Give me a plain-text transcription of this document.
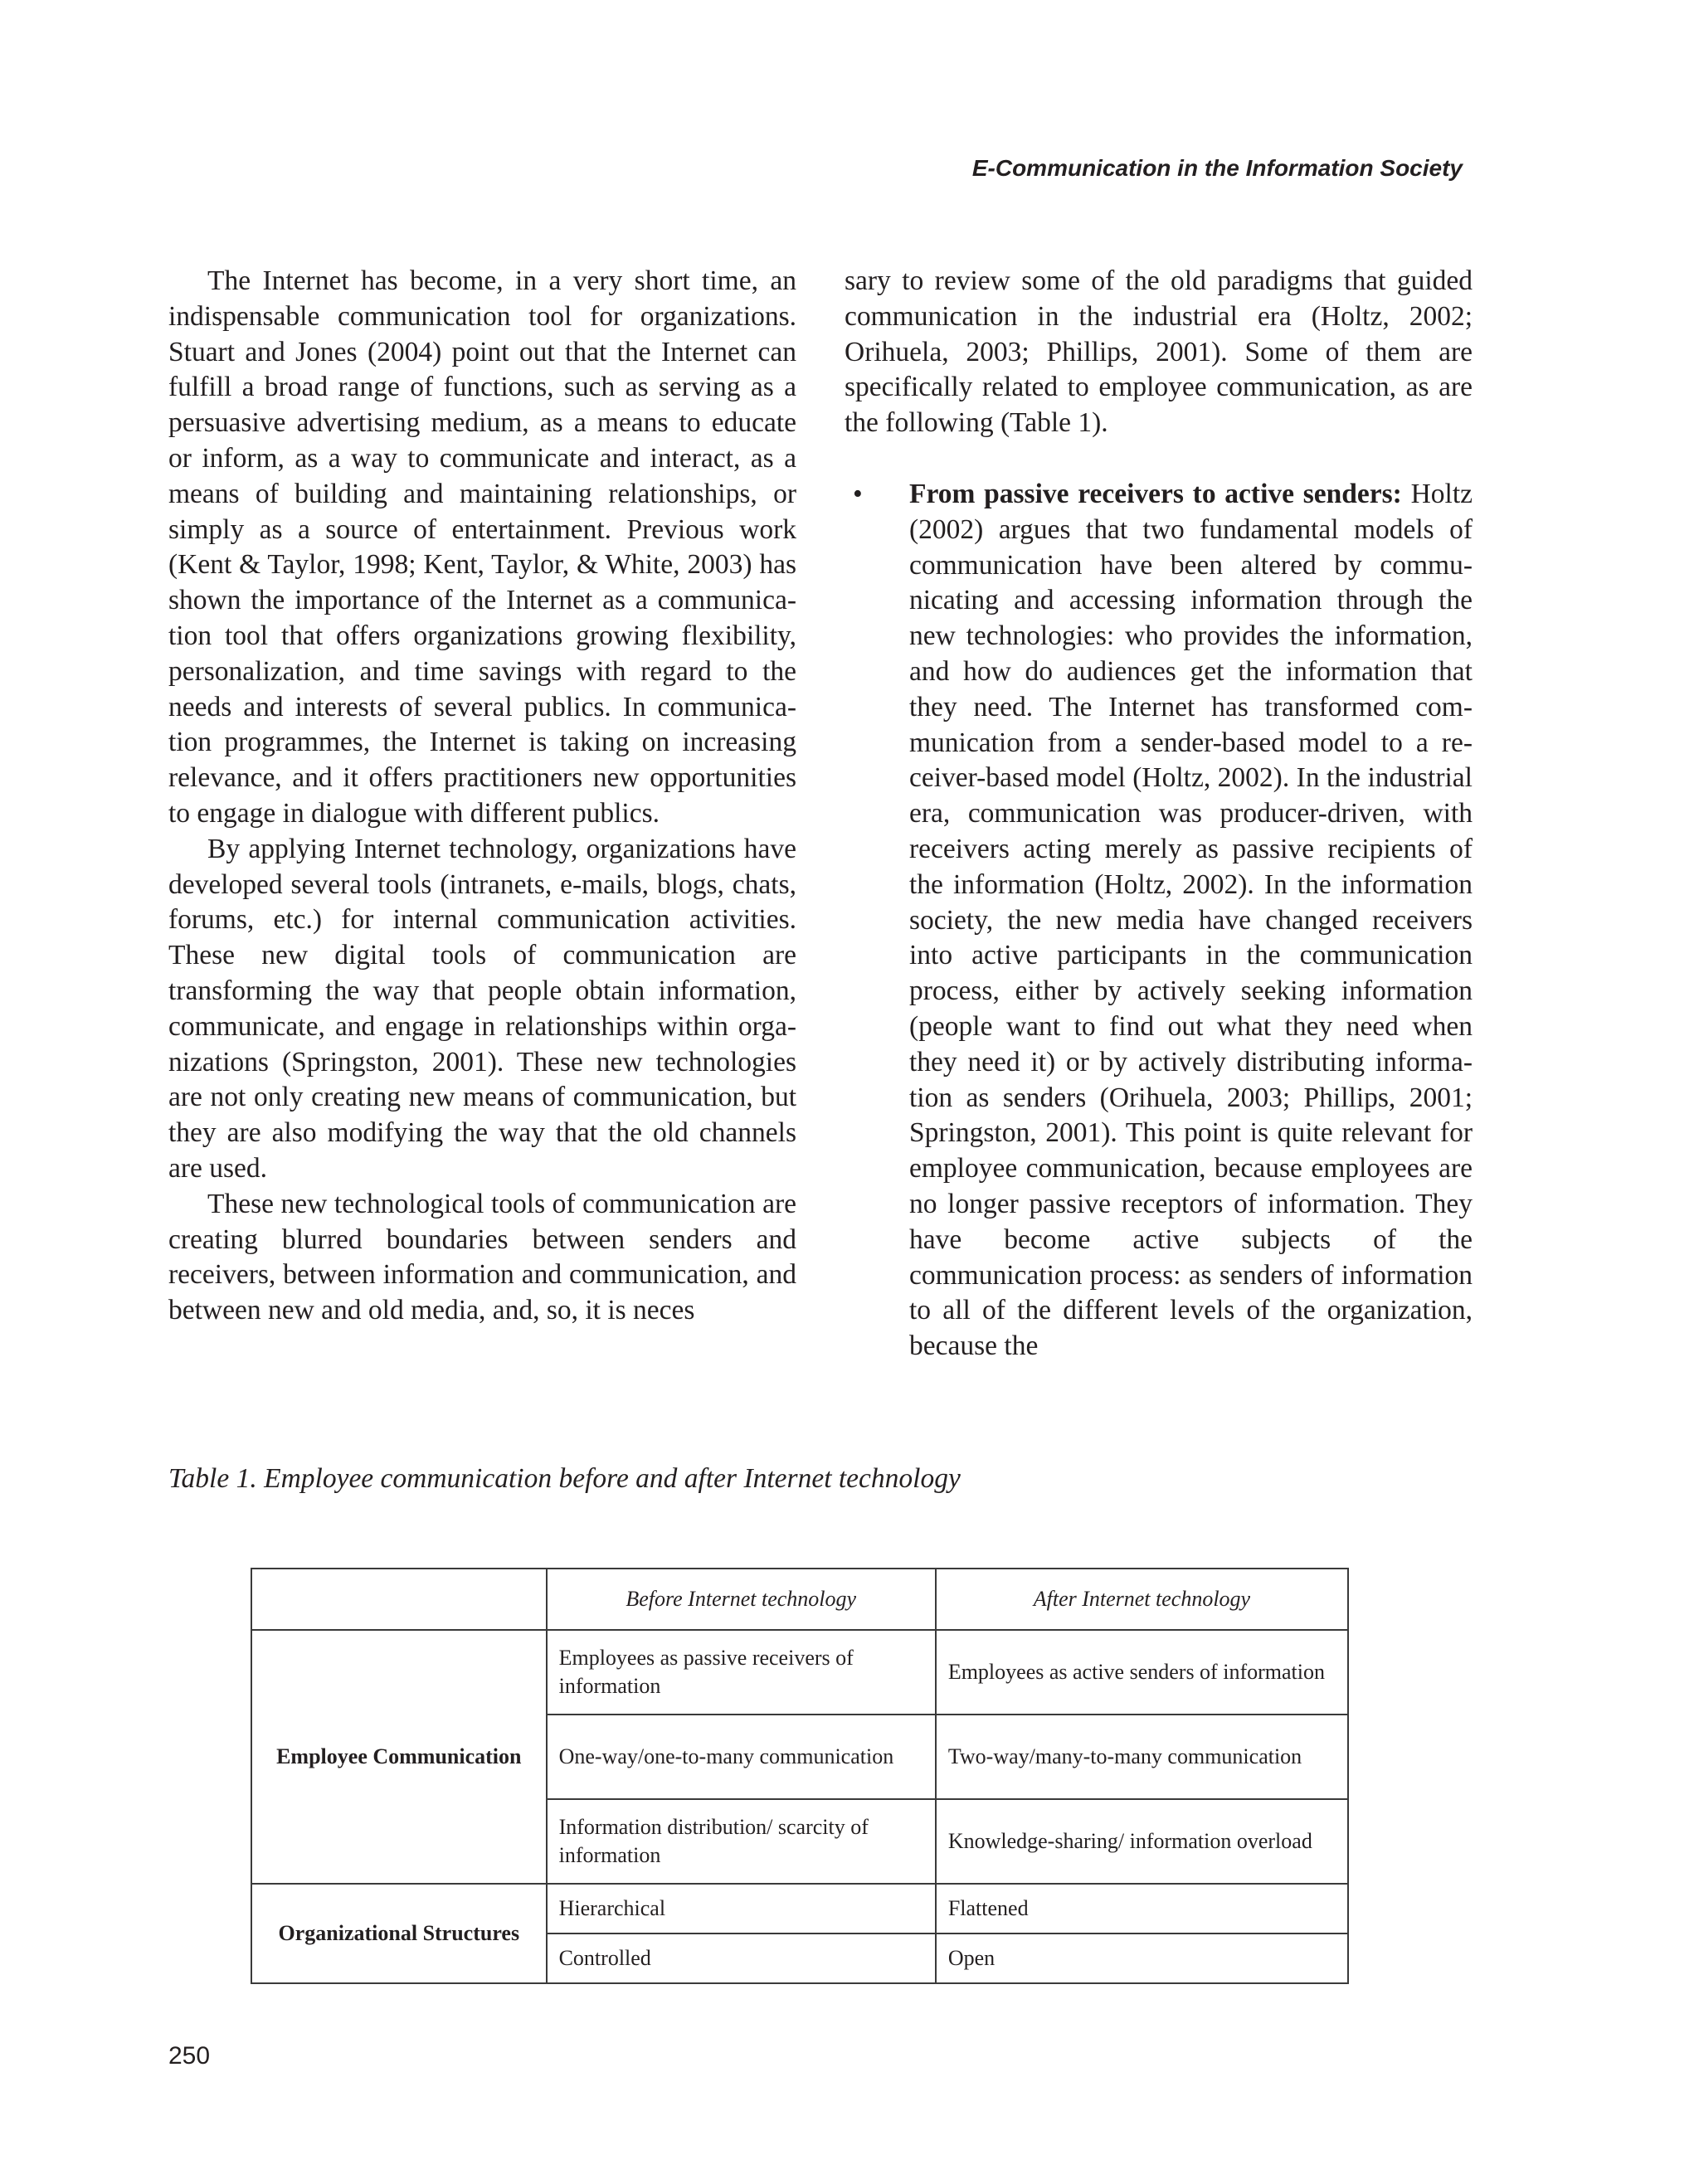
E-Communication in the Information Society

The Internet has become, in a very short time, an indispensable communication tool for organizations. Stuart and Jones (2004) point out that the Internet can fulfill a broad range of functions, such as serving as a persuasive advertising medium, as a means to educate or inform, as a way to communicate and interact, as a means of building and maintaining relationships, or simply as a source of entertainment. Previous work (Kent & Taylor, 1998; Kent, Taylor, & White, 2003) has shown the importance of the Internet as a communication tool that offers organizations growing flexibility, personalization, and time savings with regard to the needs and interests of several publics. In communication programmes, the Internet is taking on increasing relevance, and it offers practitioners new opportunities to engage in dialogue with different publics.

By applying Internet technology, organizations have developed several tools (intranets, e-mails, blogs, chats, forums, etc.) for internal communication activities. These new digital tools of communication are transforming the way that people obtain information, communicate, and engage in relationships within organizations (Springston, 2001). These new technologies are not only creating new means of communication, but they are also modifying the way that the old channels are used.

These new technological tools of communication are creating blurred boundaries between senders and receivers, between information and communication, and between new and old media, and, so, it is neces

sary to review some of the old paradigms that guided communication in the industrial era (Holtz, 2002; Orihuela, 2003; Phillips, 2001). Some of them are specifically related to employee communication, as are the following (Table 1).

• From passive receivers to active senders: Holtz (2002) argues that two fundamental models of communication have been altered by communicating and accessing information through the new technologies: who provides the information, and how do audiences get the information that they need. The Internet has transformed communication from a sender-based model to a receiver-based model (Holtz, 2002). In the industrial era, communication was producer-driven, with receivers acting merely as passive recipients of the information (Holtz, 2002). In the information society, the new media have changed receivers into active participants in the communication process, either by actively seeking information (people want to find out what they need when they need it) or by actively distributing information as senders (Orihuela, 2003; Phillips, 2001; Springston, 2001). This point is quite relevant for employee communication, because employees are no longer passive receptors of information. They have become active subjects of the communication process: as senders of information to all of the different levels of the organization, because the
Table 1. Employee communication before and after Internet technology
	Before Internet technology	After Internet technology
Employee Communication	Employees as passive receivers of information	Employees as active senders of information
	One-way/one-to-many communication	Two-way/many-to-many communication
	Information distribution/ scarcity of information	Knowledge-sharing/ information overload
Organizational Structures	Hierarchical	Flattened
	Controlled	Open
250
